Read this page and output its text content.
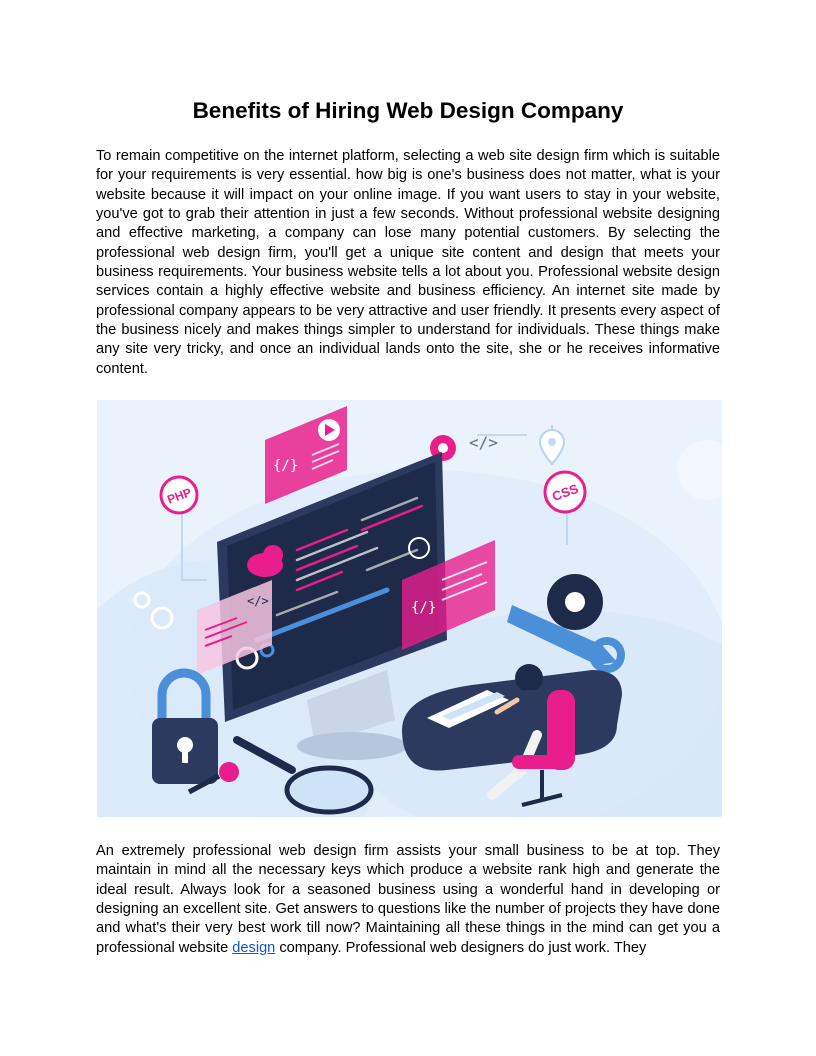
Benefits of Hiring Web Design Company

To remain competitive on the internet platform, selecting a web site design firm which is suitable for your requirements is very essential. how big is one's business does not matter, what is your website because it will impact on your online image. If you want users to stay in your website, you've got to grab their attention in just a few seconds. Without professional website designing and effective marketing, a company can lose many potential customers. By selecting the professional web design firm, you'll get a unique site content and design that meets your business requirements. Your business website tells a lot about you. Professional website design services contain a highly effective website and business efficiency. An internet site made by professional company appears to be very attractive and user friendly. It presents every aspect of the business nicely and makes things simpler to understand for individuals. These things make any site very tricky, and once an individual lands onto the site, she or he receives informative content.

PHP	CSS
{/}
</>
</>	{/}

An extremely professional web design firm assists your small business to be at top. They maintain in mind all the necessary keys which produce a website rank high and generate the ideal result. Always look for a seasoned business using a wonderful hand in developing or designing an excellent site. Get answers to questions like the number of projects they have done and what's their very best work till now? Maintaining all these things in the mind can get you a professional website design company. Professional web designers do just work. They
